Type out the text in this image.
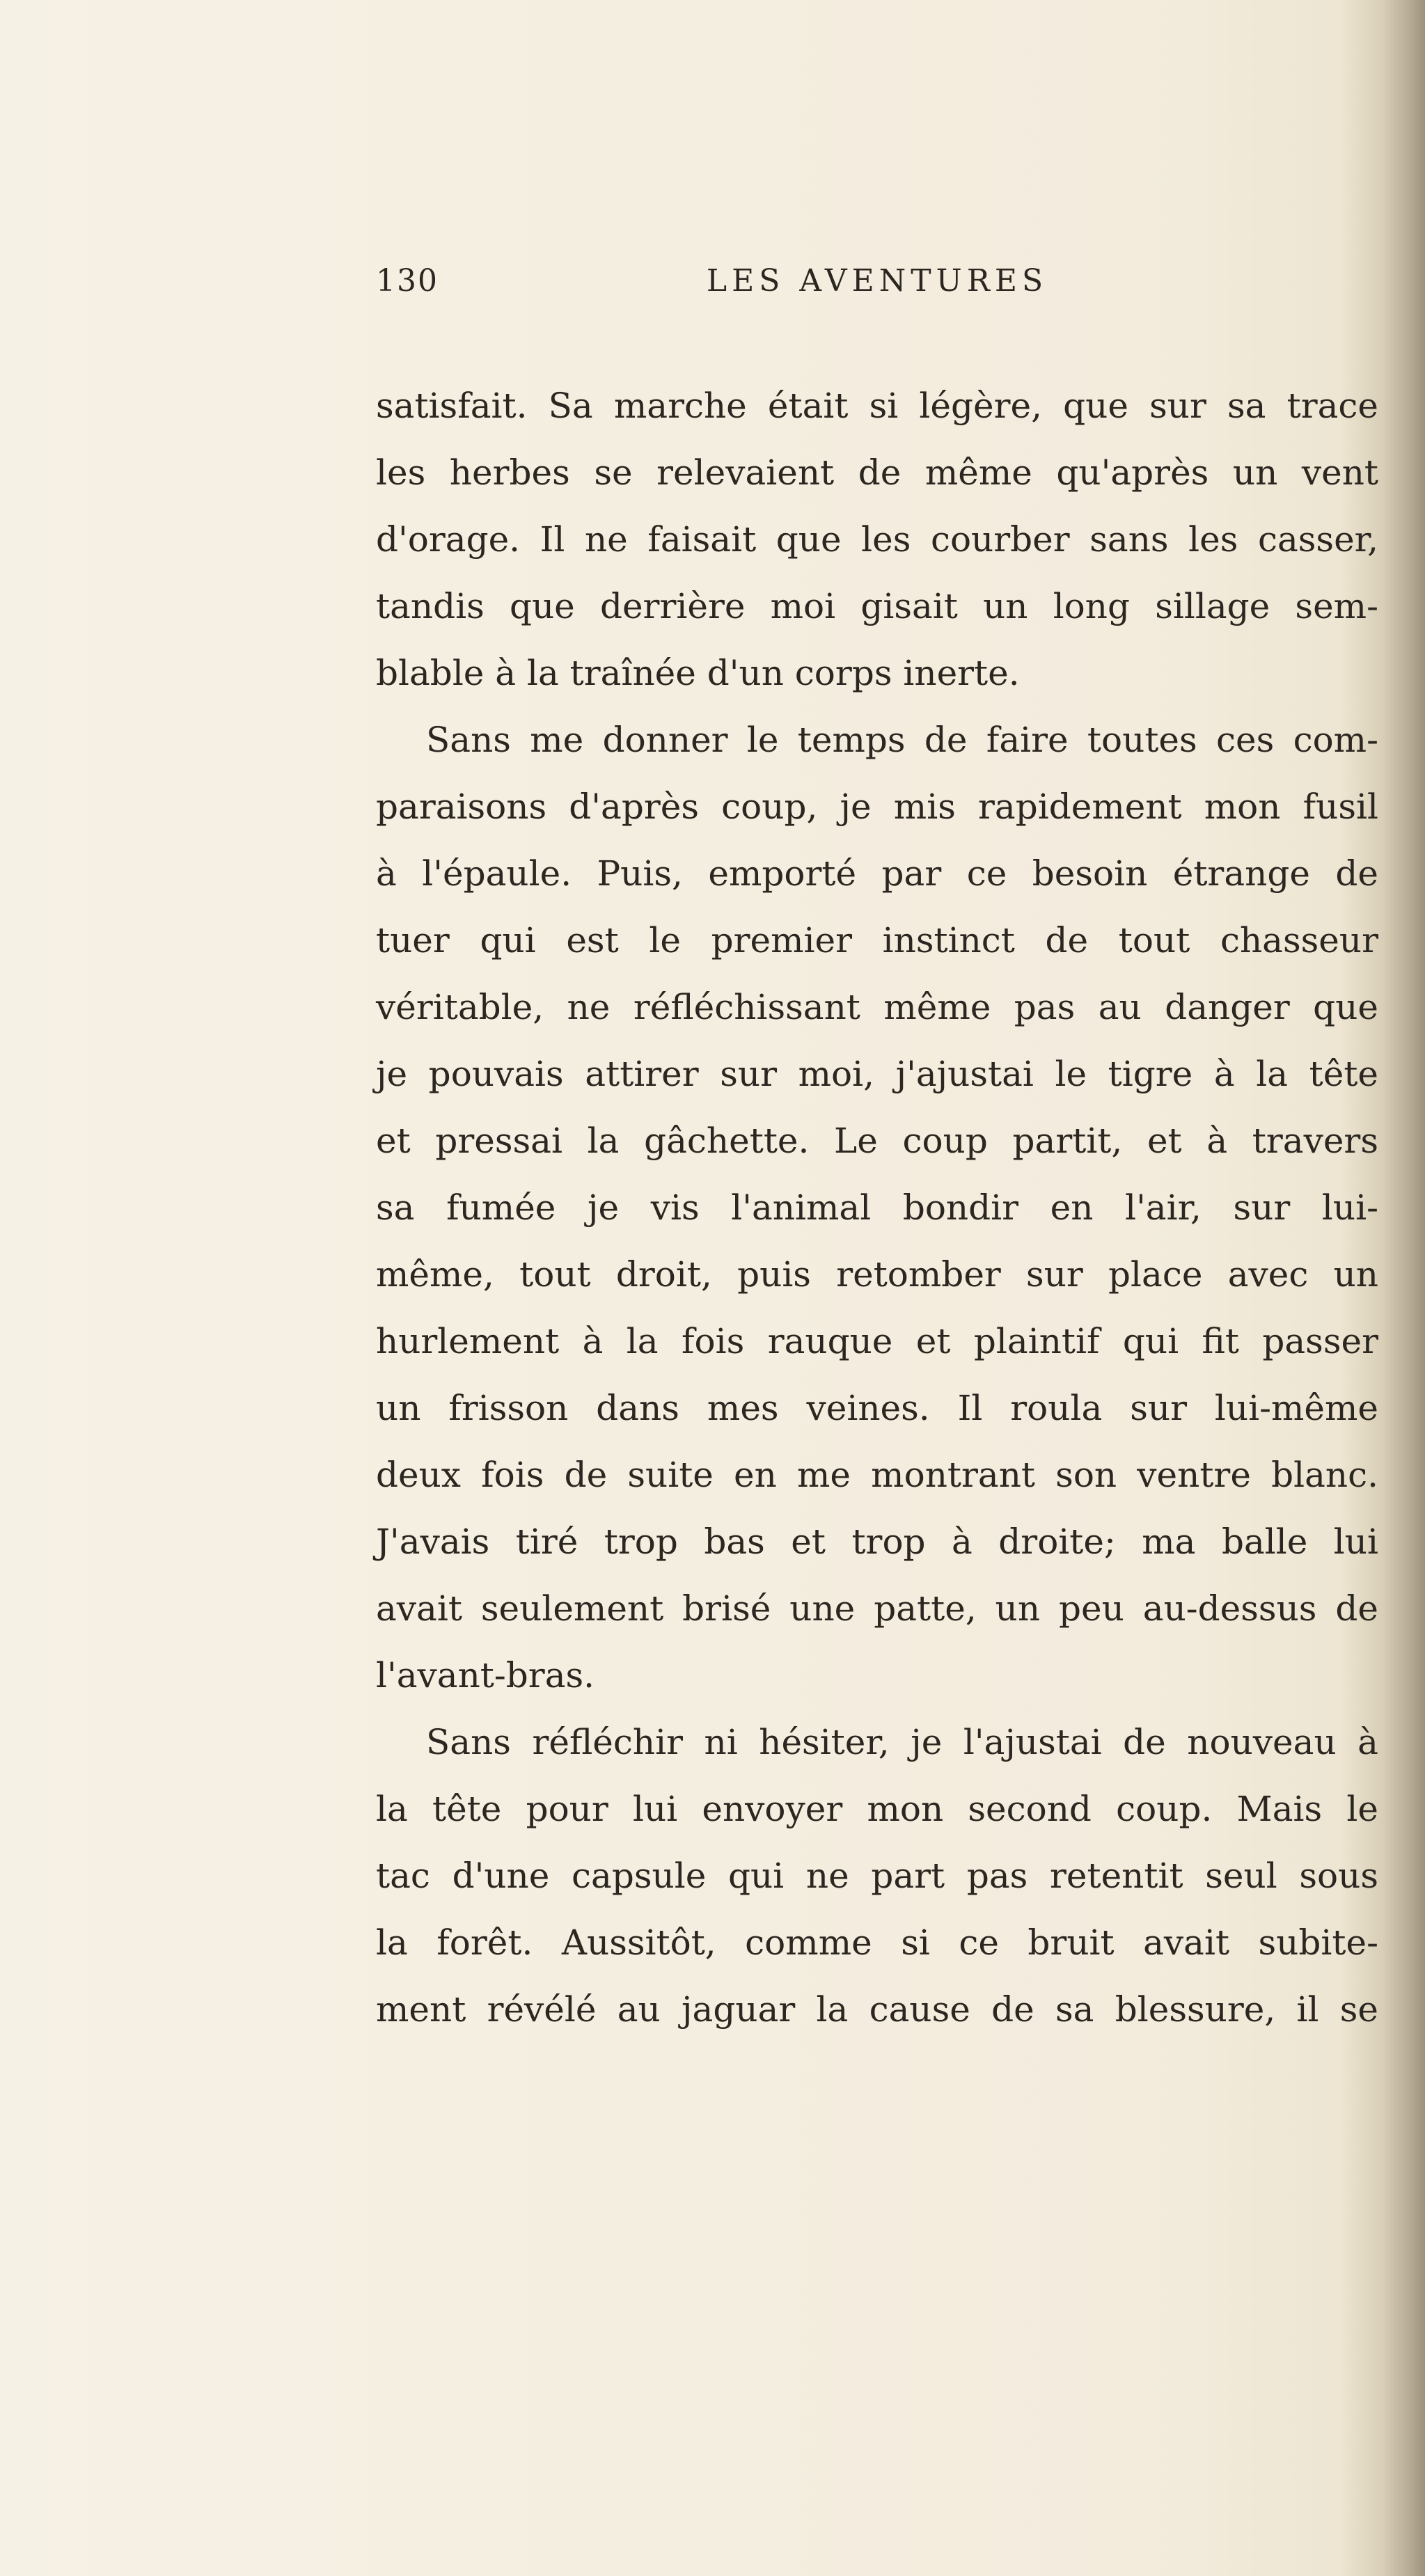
130	LES AVENTURES
satisfait. Sa marche était si légère, que sur sa trace
les herbes se relevaient de même qu'après un vent
d'orage. Il ne faisait que les courber sans les casser,
tandis que derrière moi gisait un long sillage sem-
blable à la traînée d'un corps inerte.
Sans me donner le temps de faire toutes ces com-
paraisons d'après coup, je mis rapidement mon fusil
à l'épaule. Puis, emporté par ce besoin étrange de
tuer qui est le premier instinct de tout chasseur
véritable, ne réfléchissant même pas au danger que
je pouvais attirer sur moi, j'ajustai le tigre à la tête
et pressai la gâchette. Le coup partit, et à travers
sa fumée je vis l'animal bondir en l'air, sur lui-
même, tout droit, puis retomber sur place avec un
hurlement à la fois rauque et plaintif qui fit passer
un frisson dans mes veines. Il roula sur lui-même
deux fois de suite en me montrant son ventre blanc.
J'avais tiré trop bas et trop à droite; ma balle lui
avait seulement brisé une patte, un peu au-dessus de
l'avant-bras.
Sans réfléchir ni hésiter, je l'ajustai de nouveau à
la tête pour lui envoyer mon second coup. Mais le
tac d'une capsule qui ne part pas retentit seul sous
la forêt. Aussitôt, comme si ce bruit avait subite-
ment révélé au jaguar la cause de sa blessure, il se
